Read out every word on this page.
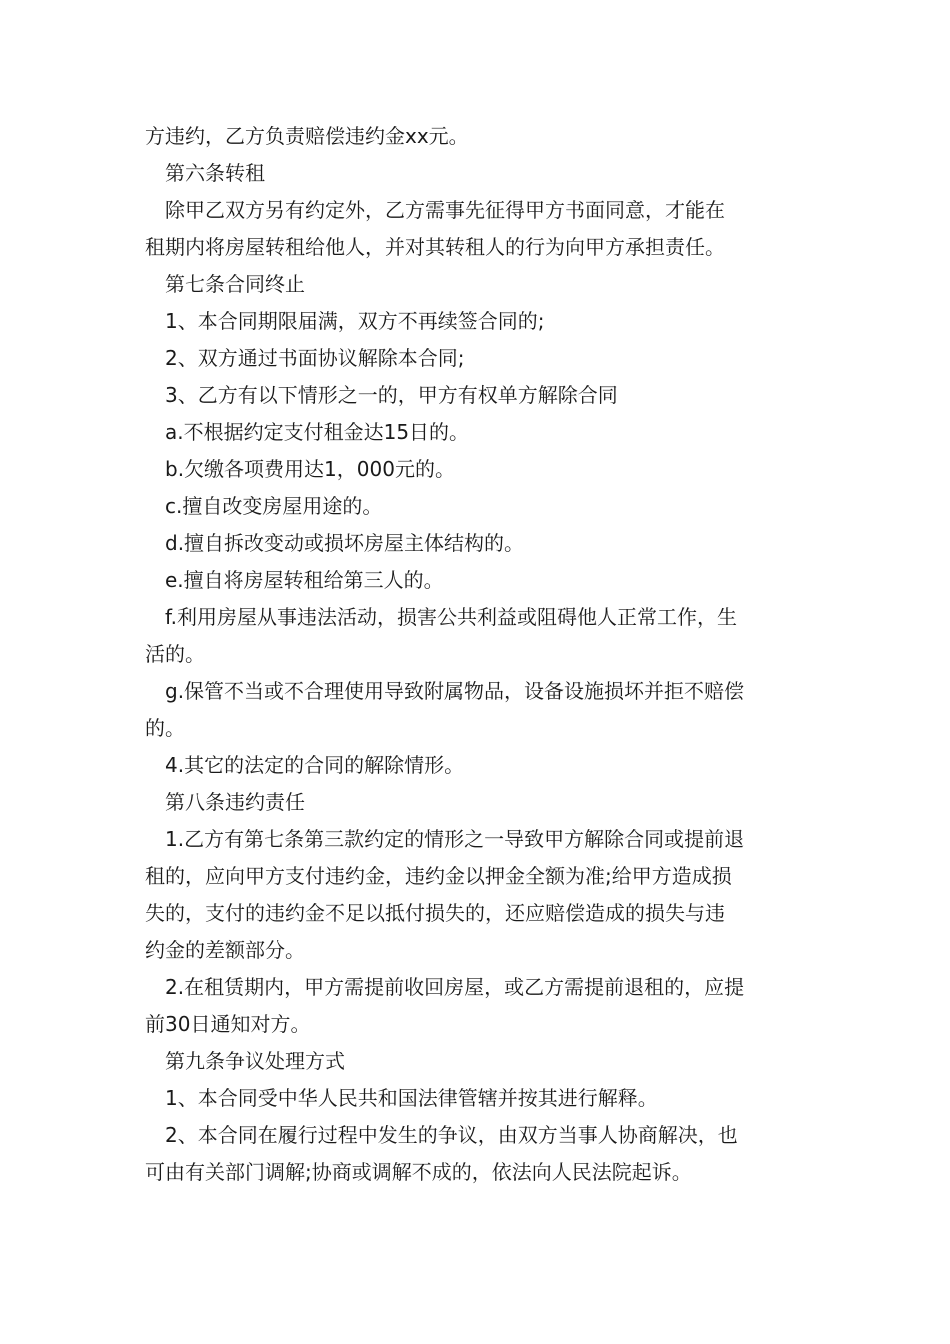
方违约，乙方负责赔偿违约金xx元。

第六条转租

除甲乙双方另有约定外，乙方需事先征得甲方书面同意，才能在

租期内将房屋转租给他人，并对其转租人的行为向甲方承担责任。

第七条合同终止

1、本合同期限届满，双方不再续签合同的;

2、双方通过书面协议解除本合同;

3、乙方有以下情形之一的，甲方有权单方解除合同

a.不根据约定支付租金达15日的。

b.欠缴各项费用达1，000元的。

c.擅自改变房屋用途的。

d.擅自拆改变动或损坏房屋主体结构的。

e.擅自将房屋转租给第三人的。

f.利用房屋从事违法活动，损害公共利益或阻碍他人正常工作，生

活的。

g.保管不当或不合理使用导致附属物品，设备设施损坏并拒不赔偿

的。

4.其它的法定的合同的解除情形。

第八条违约责任

1.乙方有第七条第三款约定的情形之一导致甲方解除合同或提前退

租的，应向甲方支付违约金，违约金以押金全额为准;给甲方造成损

失的，支付的违约金不足以抵付损失的，还应赔偿造成的损失与违

约金的差额部分。

2.在租赁期内，甲方需提前收回房屋，或乙方需提前退租的，应提

前30日通知对方。

第九条争议处理方式

1、本合同受中华人民共和国法律管辖并按其进行解释。

2、本合同在履行过程中发生的争议，由双方当事人协商解决，也

可由有关部门调解;协商或调解不成的，依法向人民法院起诉。
